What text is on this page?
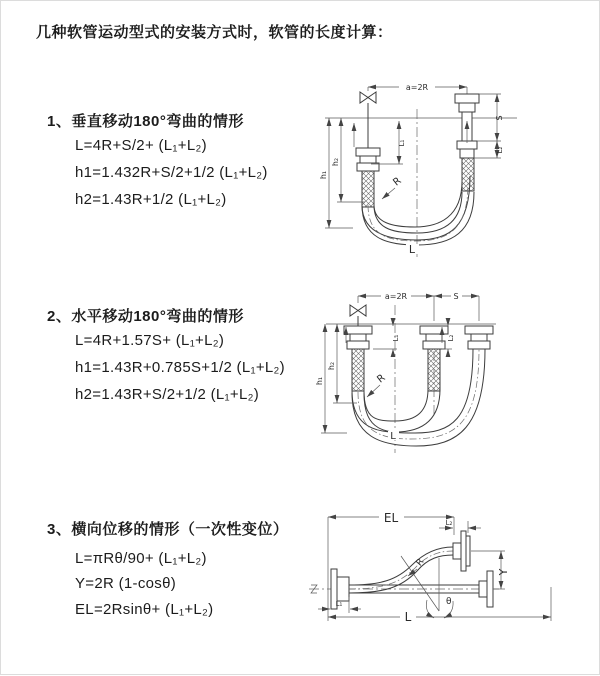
几种软管运动型式的安装方式时，软管的长度计算：
1、垂直移动180°弯曲的情形
L=4R+S/2+ (L₁+L₂)
h1=1.432R+S/2+1/2 (L₁+L₂)
h2=1.43R+1/2 (L₁+L₂)
2、水平移动180°弯曲的情形
L=4R+1.57S+ (L₁+L₂)
h1=1.43R+0.785S+1/2 (L₁+L₂)
h2=1.43R+S/2+1/2 (L₁+L₂)
3、横向位移的情形（一次性变位）
L=πRθ/90+ (L₁+L₂)
Y=2R (1-cosθ)
EL=2Rsinθ+ (L₁+L₂)
a=2R
L₁
S
L₂
h₁
h₂
R
L
a=2R	S
L₁	L₂
h₁
h₂
R
L
EL	L₂
Y
θ
R
L₁
L
